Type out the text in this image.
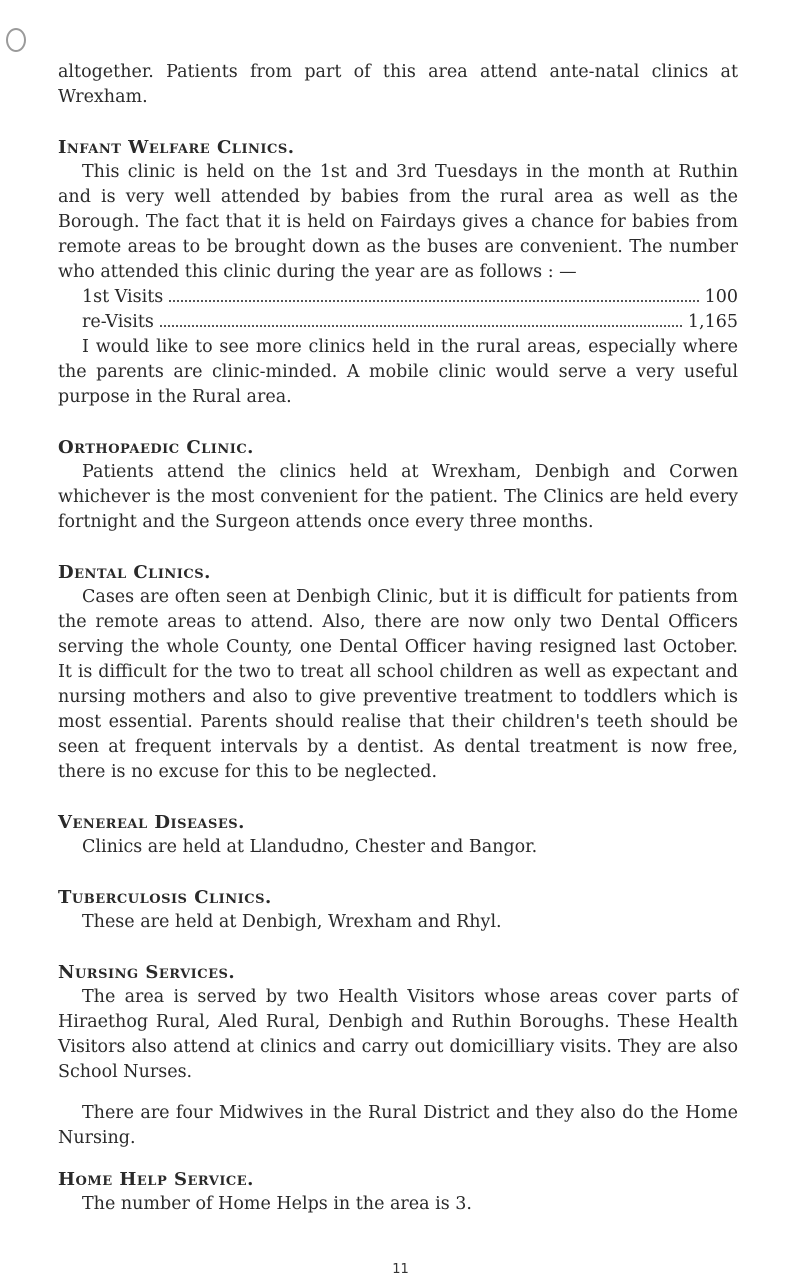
altogether. Patients from part of this area attend ante-natal clinics at Wrexham.

Infant Welfare Clinics.

This clinic is held on the 1st and 3rd Tuesdays in the month at Ruthin and is very well attended by babies from the rural area as well as the Borough. The fact that it is held on Fairdays gives a chance for babies from remote areas to be brought down as the buses are convenient. The number who attended this clinic during the year are as follows : —

1st Visits	100
re-Visits	1,165

I would like to see more clinics held in the rural areas, especially where the parents are clinic-minded. A mobile clinic would serve a very useful purpose in the Rural area.

Orthopaedic Clinic.

Patients attend the clinics held at Wrexham, Denbigh and Corwen whichever is the most convenient for the patient. The Clinics are held every fortnight and the Surgeon attends once every three months.

Dental Clinics.

Cases are often seen at Denbigh Clinic, but it is difficult for patients from the remote areas to attend. Also, there are now only two Dental Officers serving the whole County, one Dental Officer having resigned last October. It is difficult for the two to treat all school children as well as expectant and nursing mothers and also to give preventive treatment to toddlers which is most essential. Parents should realise that their children's teeth should be seen at frequent intervals by a dentist. As dental treatment is now free, there is no excuse for this to be neglected.

Venereal Diseases.

Clinics are held at Llandudno, Chester and Bangor.

Tuberculosis Clinics.

These are held at Denbigh, Wrexham and Rhyl.

Nursing Services.

The area is served by two Health Visitors whose areas cover parts of Hiraethog Rural, Aled Rural, Denbigh and Ruthin Boroughs. These Health Visitors also attend at clinics and carry out domicilliary visits. They are also School Nurses.

There are four Midwives in the Rural District and they also do the Home Nursing.

Home Help Service.

The number of Home Helps in the area is 3.

11
